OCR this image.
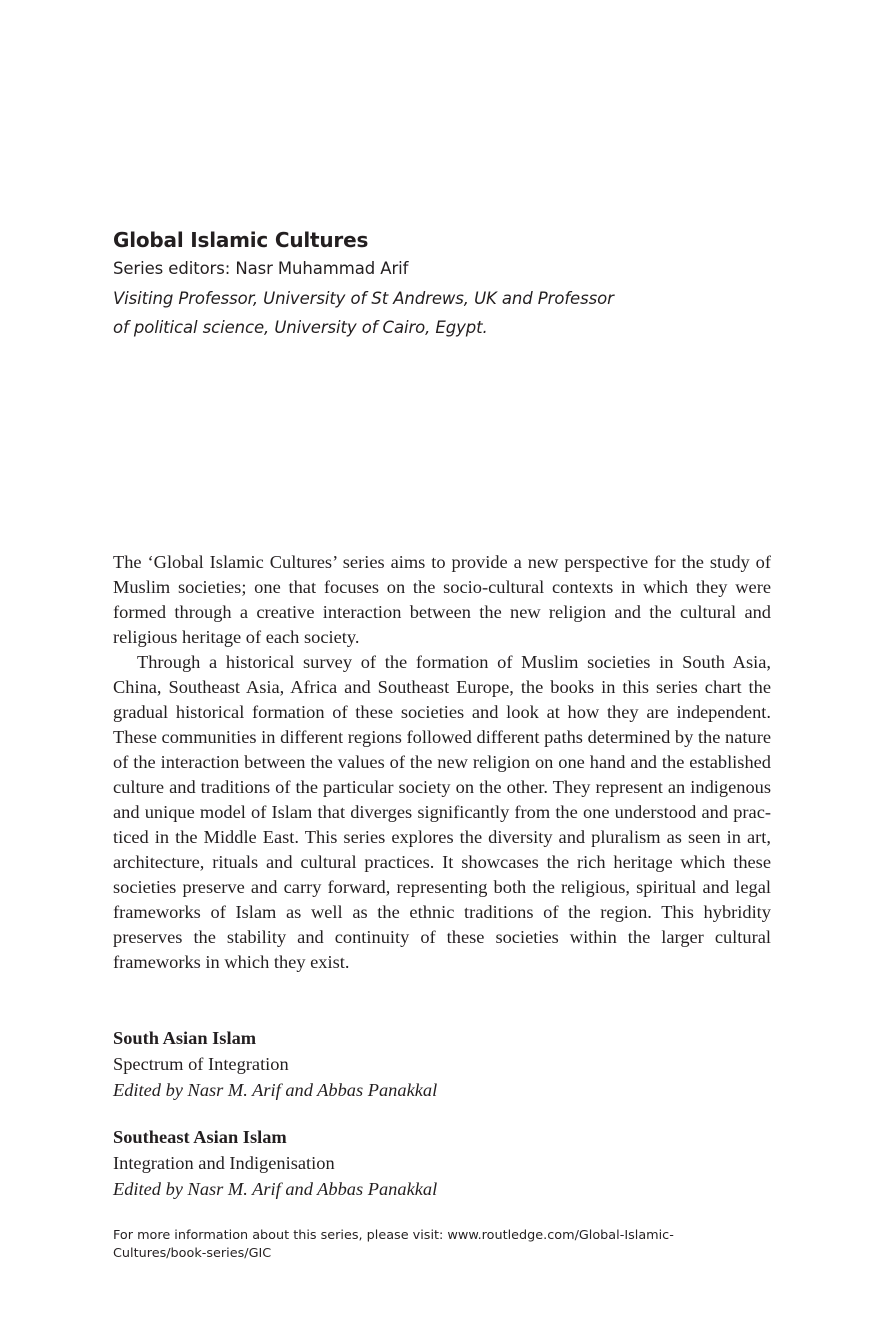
Global Islamic Cultures

Series editors: Nasr Muhammad Arif

Visiting Professor, University of St Andrews, UK and Professor

of political science, University of Cairo, Egypt.

The ‘Global Islamic Cultures’ series aims to provide a new perspective for the study of Muslim societies; one that focuses on the socio-cultural contexts in which they were formed through a creative interaction between the new religion and the cultural and religious heritage of each society.

Through a historical survey of the formation of Muslim societies in South Asia, China, Southeast Asia, Africa and Southeast Europe, the books in this series chart the gradual historical formation of these societies and look at how they are independent. These communities in different regions followed different paths determined by the nature of the interaction between the values of the new religion on one hand and the established culture and traditions of the particular society on the other. They represent an indigenous and unique model of Islam that diverges significantly from the one understood and practiced in the Middle East. This series explores the diversity and pluralism as seen in art, architecture, rituals and cultural practices. It showcases the rich heritage which these societies preserve and carry forward, representing both the religious, spiritual and legal frameworks of Islam as well as the ethnic traditions of the region. This hybridity preserves the stability and continuity of these societies within the larger cultural frameworks in which they exist.

South Asian Islam
Spectrum of Integration
Edited by Nasr M. Arif and Abbas Panakkal
Southeast Asian Islam
Integration and Indigenisation
Edited by Nasr M. Arif and Abbas Panakkal
For more information about this series, please visit: www.routledge.com/Global-Islamic-Cultures/book-series/GIC
